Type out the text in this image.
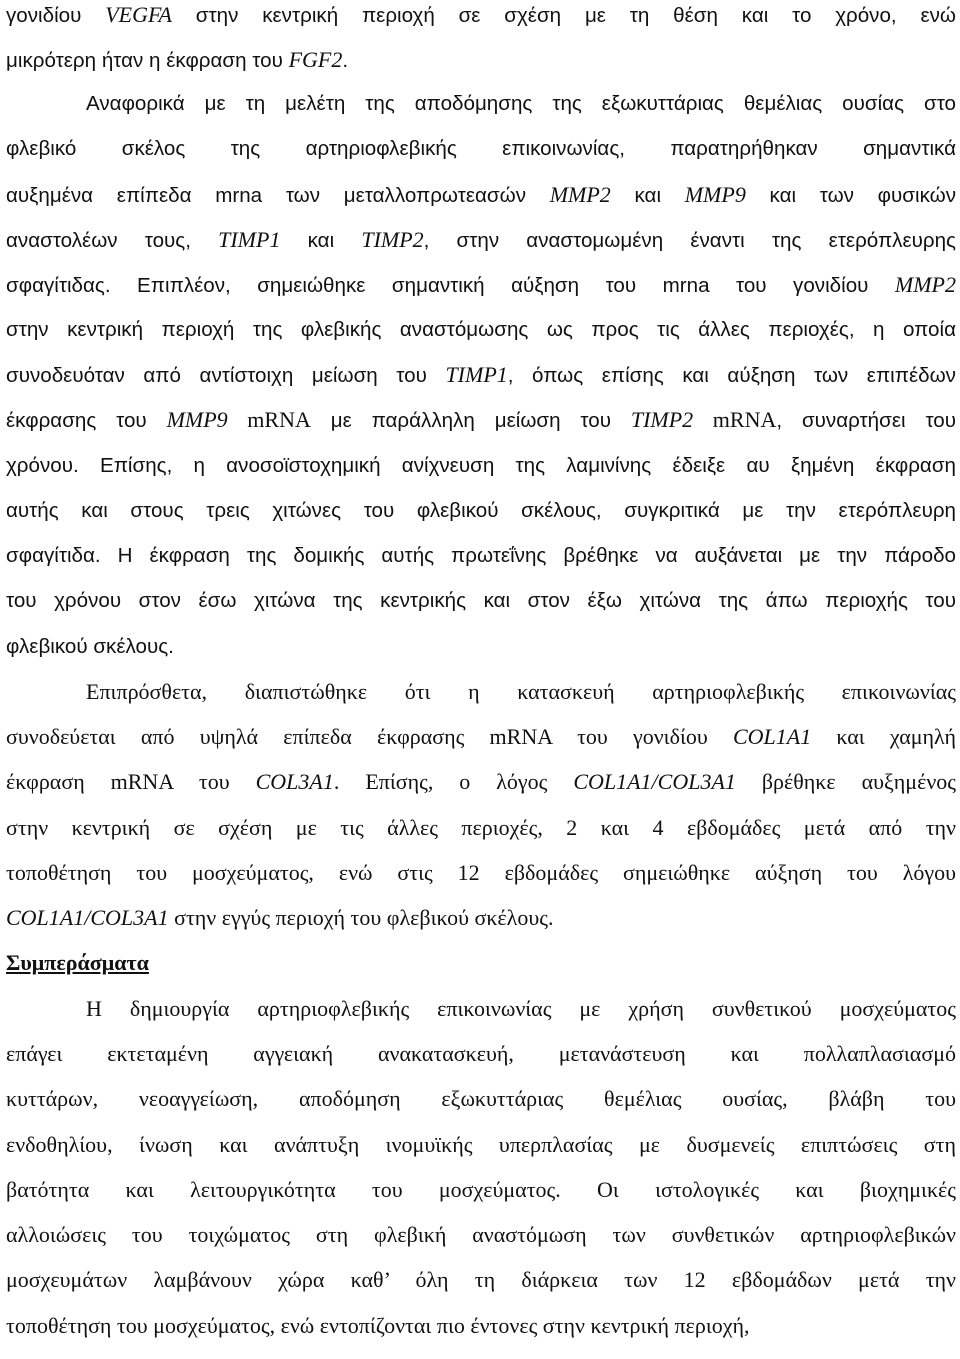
γονιδίου VEGFA στην κεντρική περιοχή σε σχέση με τη θέση και το χρόνο, ενώ
μικρότερη ήταν η έκφραση του FGF2.
Αναφορικά με τη μελέτη της αποδόμησης της εξωκυττάριας θεμέλιας ουσίας στο
φλεβικό σκέλος της αρτηριοφλεβικής επικοινωνίας, παρατηρήθηκαν σημαντικά
αυξημένα επίπεδα mrna των μεταλλοπρωτεασών MMP2 και MMP9 και των φυσικών
αναστολέων τους, TIMP1 και TIMP2, στην αναστομωμένη έναντι της ετερόπλευρης
σφαγίτιδας. Επιπλέον, σημειώθηκε σημαντική αύξηση του mrna του γονιδίου MMP2
στην κεντρική περιοχή της φλεβικής αναστόμωσης ως προς τις άλλες περιοχές, η οποία
συνοδευόταν από αντίστοιχη μείωση του TIMP1, όπως επίσης και αύξηση των επιπέδων
έκφρασης του MMP9 mRNA με παράλληλη μείωση του TIMP2 mRNA, συναρτήσει του
χρόνου. Επίσης, η ανοσοϊστοχημική ανίχνευση της λαμινίνης έδειξε αυ ξημένη έκφραση
αυτής και στους τρεις χιτώνες του φλεβικού σκέλους, συγκριτικά με την ετερόπλευρη
σφαγίτιδα. Η έκφραση της δομικής αυτής πρωτεΐνης βρέθηκε να αυξάνεται με την πάροδο
του χρόνου στον έσω χιτώνα της κεντρικής και στον έξω χιτώνα της άπω περιοχής του
φλεβικού σκέλους.
Επιπρόσθετα, διαπιστώθηκε ότι η κατασκευή αρτηριοφλεβικής επικοινωνίας
συνοδεύεται από υψηλά επίπεδα έκφρασης mRNA του γονιδίου COL1A1 και χαμηλή
έκφραση mRNA του COL3A1. Επίσης, ο λόγος COL1A1/COL3A1 βρέθηκε αυξημένος
στην κεντρική σε σχέση με τις άλλες περιοχές, 2 και 4 εβδομάδες μετά από την
τοποθέτηση του μοσχεύματος, ενώ στις 12 εβδομάδες σημειώθηκε αύξηση του λόγου
COL1A1/COL3A1 στην εγγύς περιοχή του φλεβικού σκέλους.
Συμπεράσματα
Η δημιουργία αρτηριοφλεβικής επικοινωνίας με χρήση συνθετικού μοσχεύματος
επάγει εκτεταμένη αγγειακή ανακατασκευή, μετανάστευση και πολλαπλασιασμό
κυττάρων, νεοαγγείωση, αποδόμηση εξωκυττάριας θεμέλιας ουσίας, βλάβη του
ενδοθηλίου, ίνωση και ανάπτυξη ινομυϊκής υπερπλασίας με δυσμενείς επιπτώσεις στη
βατότητα και λειτουργικότητα του μοσχεύματος. Οι ιστολογικές και βιοχημικές
αλλοιώσεις του τοιχώματος στη φλεβική αναστόμωση των συνθετικών αρτηριοφλεβικών
μοσχευμάτων λαμβάνουν χώρα καθ’ όλη τη διάρκεια των 12 εβδομάδων μετά την
τοποθέτηση του μοσχεύματος, ενώ εντοπίζονται πιο έντονες στην κεντρική περιοχή,
